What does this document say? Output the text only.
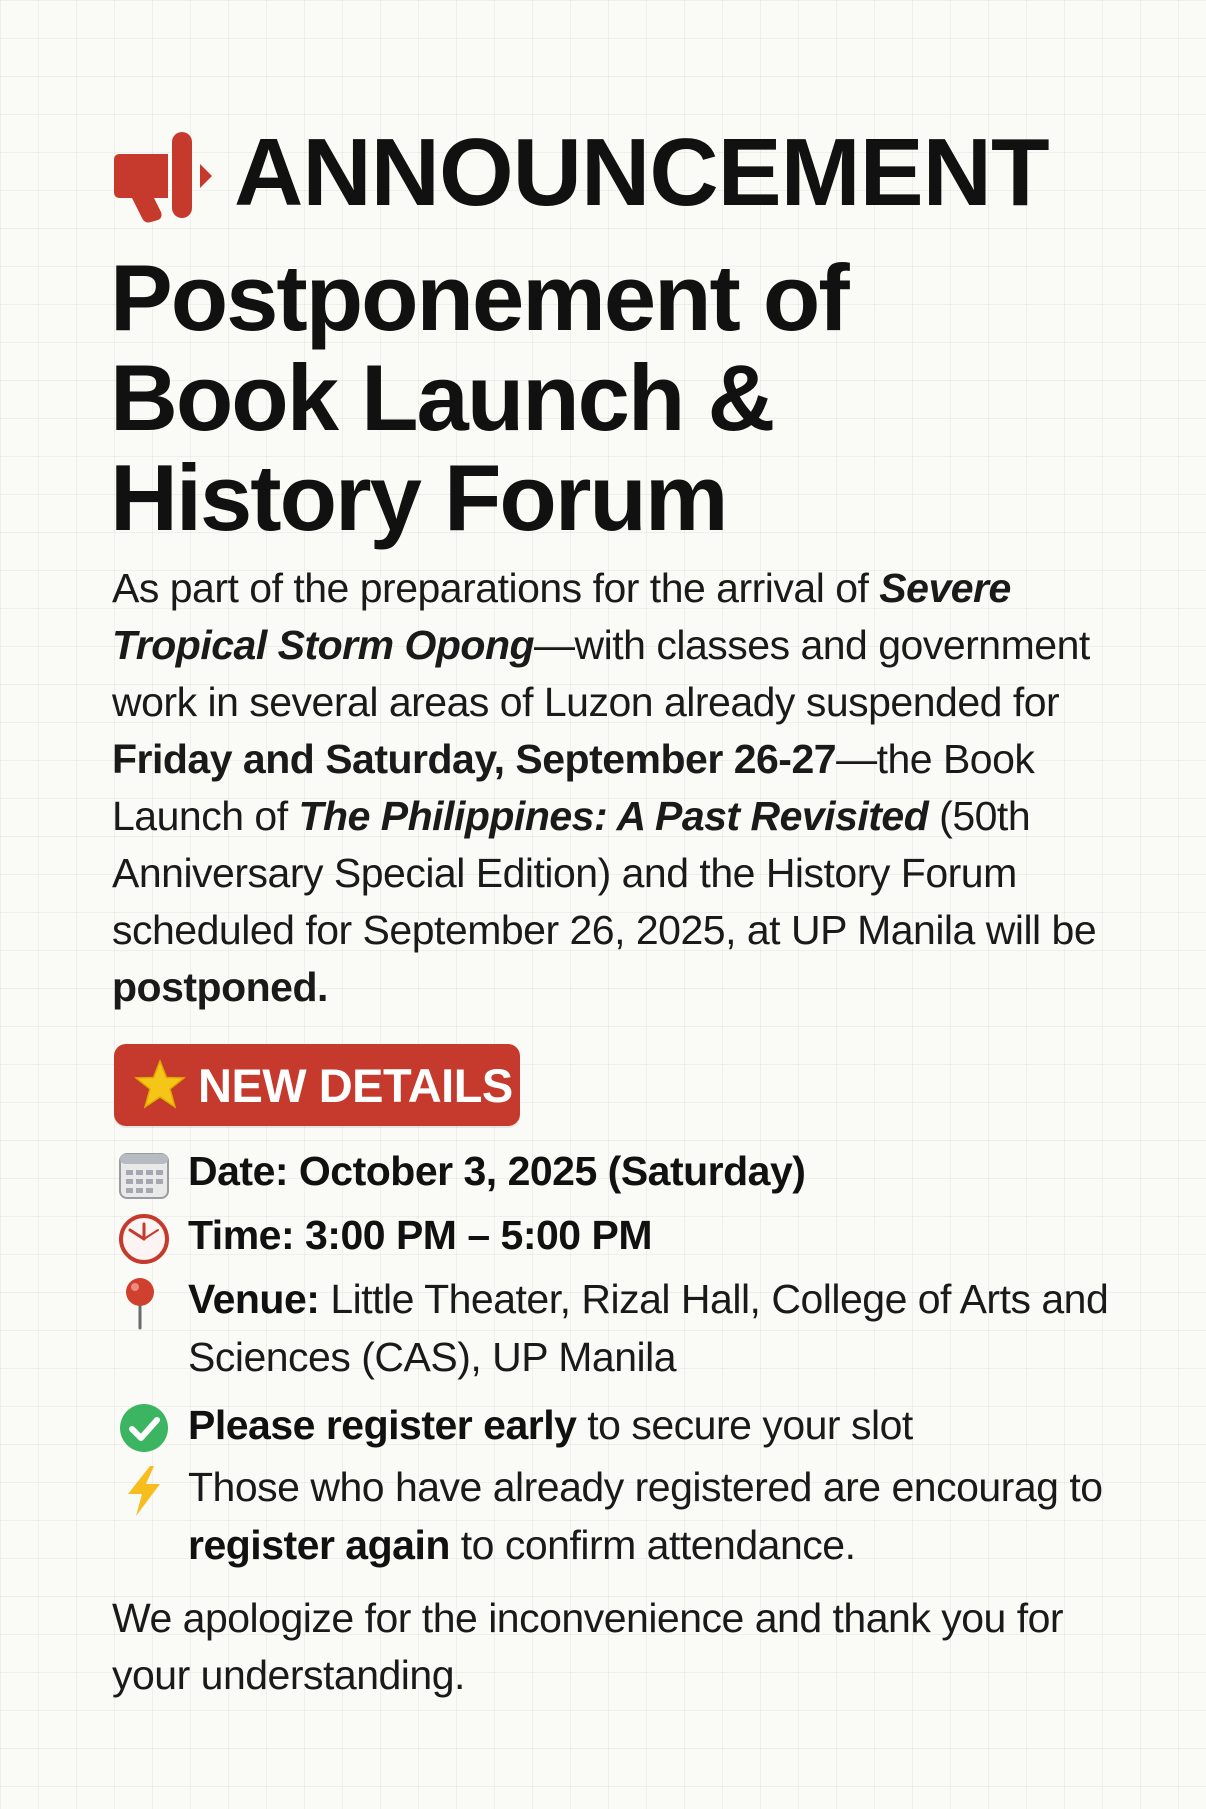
ANNOUNCEMENT
Postponement of
Book Launch &
History Forum
As part of the preparations for the arrival of Severe Tropical Storm Opong—with classes and government work in several areas of Luzon already suspended for Friday and Saturday, September 26-27—the Book Launch of The Philippines: A Past Revisited (50th Anniversary Special Edition) and the History Forum scheduled for September 26, 2025, at UP Manila will be postponed.
NEW DETAILS
Date: October 3, 2025 (Saturday)
Time: 3:00 PM – 5:00 PM
Venue: Little Theater, Rizal Hall, College of Arts and Sciences (CAS), UP Manila
Please register early to secure your slot
Those who have already registered are encourag to register again to confirm attendance.
We apologize for the inconvenience and thank you for your understanding.
